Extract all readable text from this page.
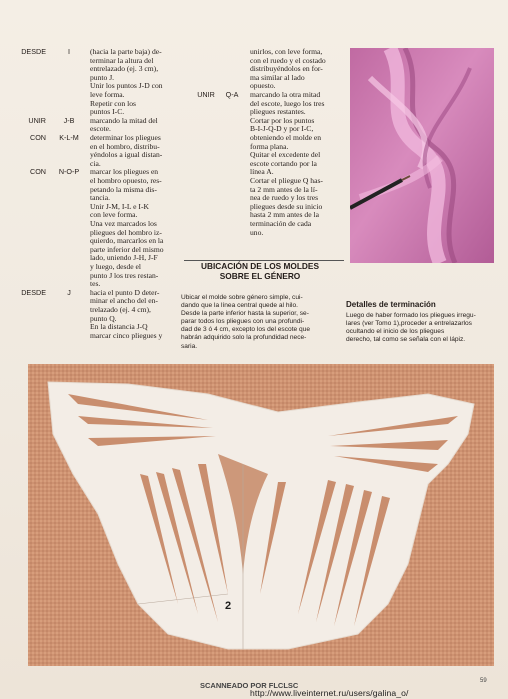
DESDE	I	(hacia la parte baja) de-
terminar la altura del
entrelazado (ej. 3 cm),
punto J.
Unir los puntos J-D con
leve forma.
Repetir con los
puntos I-C.
UNIR	J-B	marcando la mitad del
escote.
CON	K-L-M	determinar los pliegues
en el hombro, distribu-
yéndolos a igual distan-
cia.
CON	N-O-P	marcar los pliegues en
el hombro opuesto, res-
petando la misma dis-
tancia.
Unir J-M, I-L e I-K
con leve forma.
Una vez marcados los
pliegues del hombro iz-
quierdo, marcarlos en la
parte inferior del mismo
lado, uniendo J-H, J-F
y luego, desde el
punto J los tres restan-
tes.
DESDE	J	hacia el punto D deter-
minar el ancho del en-
trelazado (ej. 4 cm),
punto Q.
En la distancia J-Q
marcar cinco pliegues y
unirlos, con leve forma,
con el ruedo y el costado
distribuyéndolos en for-
ma similar al lado
opuesto.
UNIR	Q-A	marcando la otra mitad
del escote, luego los tres
pliegues restantes.
Cortar por los puntos
B-I-J-Q-D y por I-C,
obteniendo el molde en
forma plana.
Quitar el excedente del
escote cortando por la
línea A.
Cortar el pliegue Q has-
ta 2 mm antes de la lí-
nea de ruedo y los tres
pliegues desde su inicio
hasta 2 mm antes de la
terminación de cada
uno.
UBICACIÓN DE LOS MOLDES
SOBRE EL GÉNERO
Ubicar el molde sobre género simple, cui-
dando que la línea central quede al hilo.
Desde la parte inferior hasta la superior, se-
parar todos los pliegues con una profundi-
dad de 3 ó 4 cm, excepto los del escote que
habrán adquirido solo la profundidad nece-
saria.
Detalles de terminación
Luego de haber formado los pliegues irregu-
lares (ver Tomo 1),proceder a entrelazarlos
ocultando el inicio de los pliegues
derecho, tal como se señala con el lápiz.
2
SCANNEADO POR FLCLSC	59
http://www.liveinternet.ru/users/galina_o/
